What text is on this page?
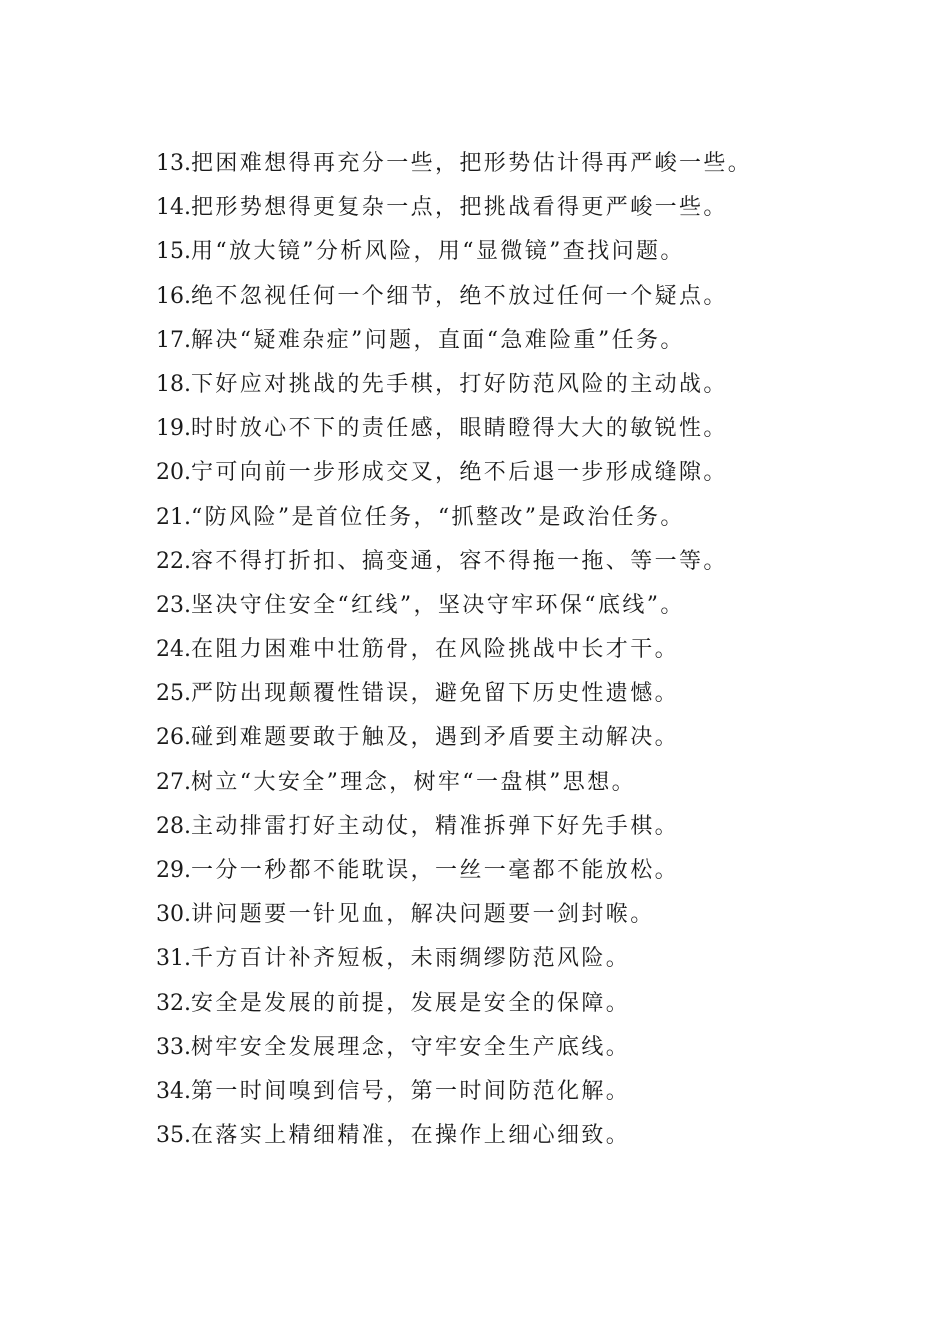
13.把困难想得再充分一些，把形势估计得再严峻一些。
14.把形势想得更复杂一点，把挑战看得更严峻一些。
15.用“放大镜”分析风险，用“显微镜”查找问题。
16.绝不忽视任何一个细节，绝不放过任何一个疑点。
17.解决“疑难杂症”问题，直面“急难险重”任务。
18.下好应对挑战的先手棋，打好防范风险的主动战。
19.时时放心不下的责任感，眼睛瞪得大大的敏锐性。
20.宁可向前一步形成交叉，绝不后退一步形成缝隙。
21.“防风险”是首位任务，“抓整改”是政治任务。
22.容不得打折扣、搞变通，容不得拖一拖、等一等。
23.坚决守住安全“红线”，坚决守牢环保“底线”。
24.在阻力困难中壮筋骨，在风险挑战中长才干。
25.严防出现颠覆性错误，避免留下历史性遗憾。
26.碰到难题要敢于触及，遇到矛盾要主动解决。
27.树立“大安全”理念，树牢“一盘棋”思想。
28.主动排雷打好主动仗，精准拆弹下好先手棋。
29.一分一秒都不能耽误，一丝一毫都不能放松。
30.讲问题要一针见血，解决问题要一剑封喉。
31.千方百计补齐短板，未雨绸缪防范风险。
32.安全是发展的前提，发展是安全的保障。
33.树牢安全发展理念，守牢安全生产底线。
34.第一时间嗅到信号，第一时间防范化解。
35.在落实上精细精准，在操作上细心细致。
